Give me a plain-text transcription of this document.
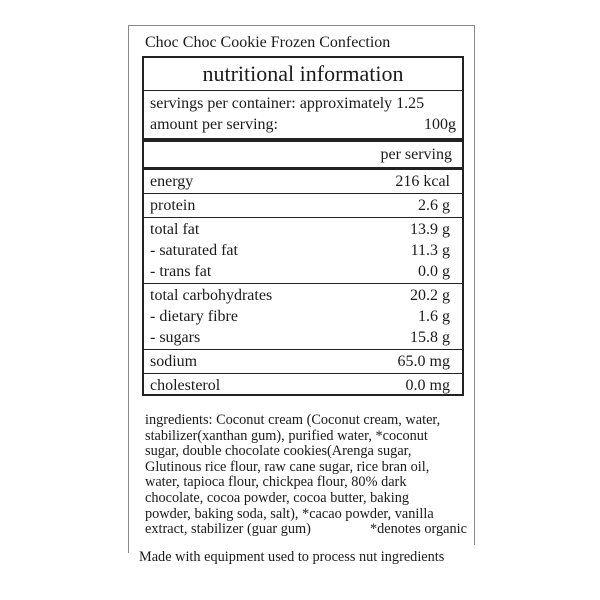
Choc Choc Cookie Frozen Confection
nutritional information
servings per container: approximately 1.25
amount per serving:	100g
per serving
energy	216 kcal
protein	2.6 g
total fat	13.9 g
- saturated fat	11.3 g
- trans fat	0.0 g
total carbohydrates	20.2 g
- dietary fibre	1.6 g
- sugars	15.8 g
sodium	65.0 mg
cholesterol	0.0 mg
ingredients: Coconut cream (Coconut cream, water,
stabilizer(xanthan gum), purified water, *coconut
sugar, double chocolate cookies(Arenga sugar,
Glutinous rice flour, raw cane sugar, rice bran oil,
water, tapioca flour, chickpea flour, 80% dark
chocolate, cocoa powder, cocoa butter, baking
powder, baking soda, salt), *cacao powder, vanilla
extract, stabilizer (guar gum)	*denotes organic
Made with equipment used to process nut ingredients
